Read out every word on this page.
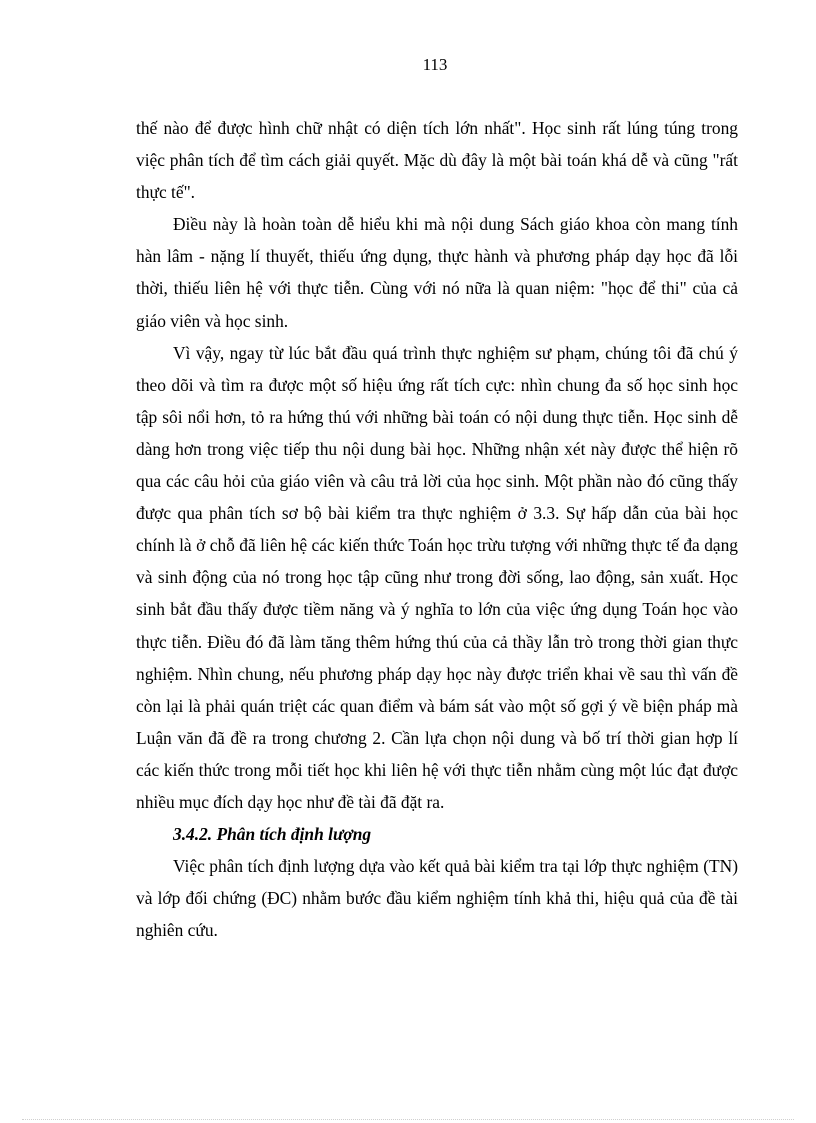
113

thế nào để được hình chữ nhật có diện tích lớn nhất". Học sinh rất lúng túng trong việc phân tích để tìm cách giải quyết. Mặc dù đây là một bài toán khá dễ và cũng "rất thực tế".

Điều này là hoàn toàn dễ hiểu khi mà nội dung Sách giáo khoa còn mang tính hàn lâm - nặng lí thuyết, thiếu ứng dụng, thực hành và phương pháp dạy học đã lỗi thời, thiếu liên hệ với thực tiễn. Cùng với nó nữa là quan niệm: "học để thi" của cả giáo viên và học sinh.

Vì vậy, ngay từ lúc bắt đầu quá trình thực nghiệm sư phạm, chúng tôi đã chú ý theo dõi và tìm ra được một số hiệu ứng rất tích cực: nhìn chung đa số học sinh học tập sôi nổi hơn, tỏ ra hứng thú với những bài toán có nội dung thực tiễn. Học sinh dễ dàng hơn trong việc tiếp thu nội dung bài học. Những nhận xét này được thể hiện rõ qua các câu hỏi của giáo viên và câu trả lời của học sinh. Một phần nào đó cũng thấy được qua phân tích sơ bộ bài kiểm tra thực nghiệm ở 3.3. Sự hấp dẫn của bài học chính là ở chỗ đã liên hệ các kiến thức Toán học trừu tượng với những thực tế đa dạng và sinh động của nó trong học tập cũng như trong đời sống, lao động, sản xuất. Học sinh bắt đầu thấy được tiềm năng và ý nghĩa to lớn của việc ứng dụng Toán học vào thực tiễn. Điều đó đã làm tăng thêm hứng thú của cả thầy lẫn trò trong thời gian thực nghiệm. Nhìn chung, nếu phương pháp dạy học này được triển khai về sau thì vấn đề còn lại là phải quán triệt các quan điểm và bám sát vào một số gợi ý về biện pháp mà Luận văn đã đề ra trong chương 2. Cần lựa chọn nội dung và bố trí thời gian hợp lí các kiến thức trong mỗi tiết học khi liên hệ với thực tiễn nhằm cùng một lúc đạt được nhiều mục đích dạy học như đề tài đã đặt ra.

3.4.2. Phân tích định lượng

Việc phân tích định lượng dựa vào kết quả bài kiểm tra tại lớp thực nghiệm (TN) và lớp đối chứng (ĐC) nhằm bước đầu kiểm nghiệm tính khả thi, hiệu quả của đề tài nghiên cứu.
